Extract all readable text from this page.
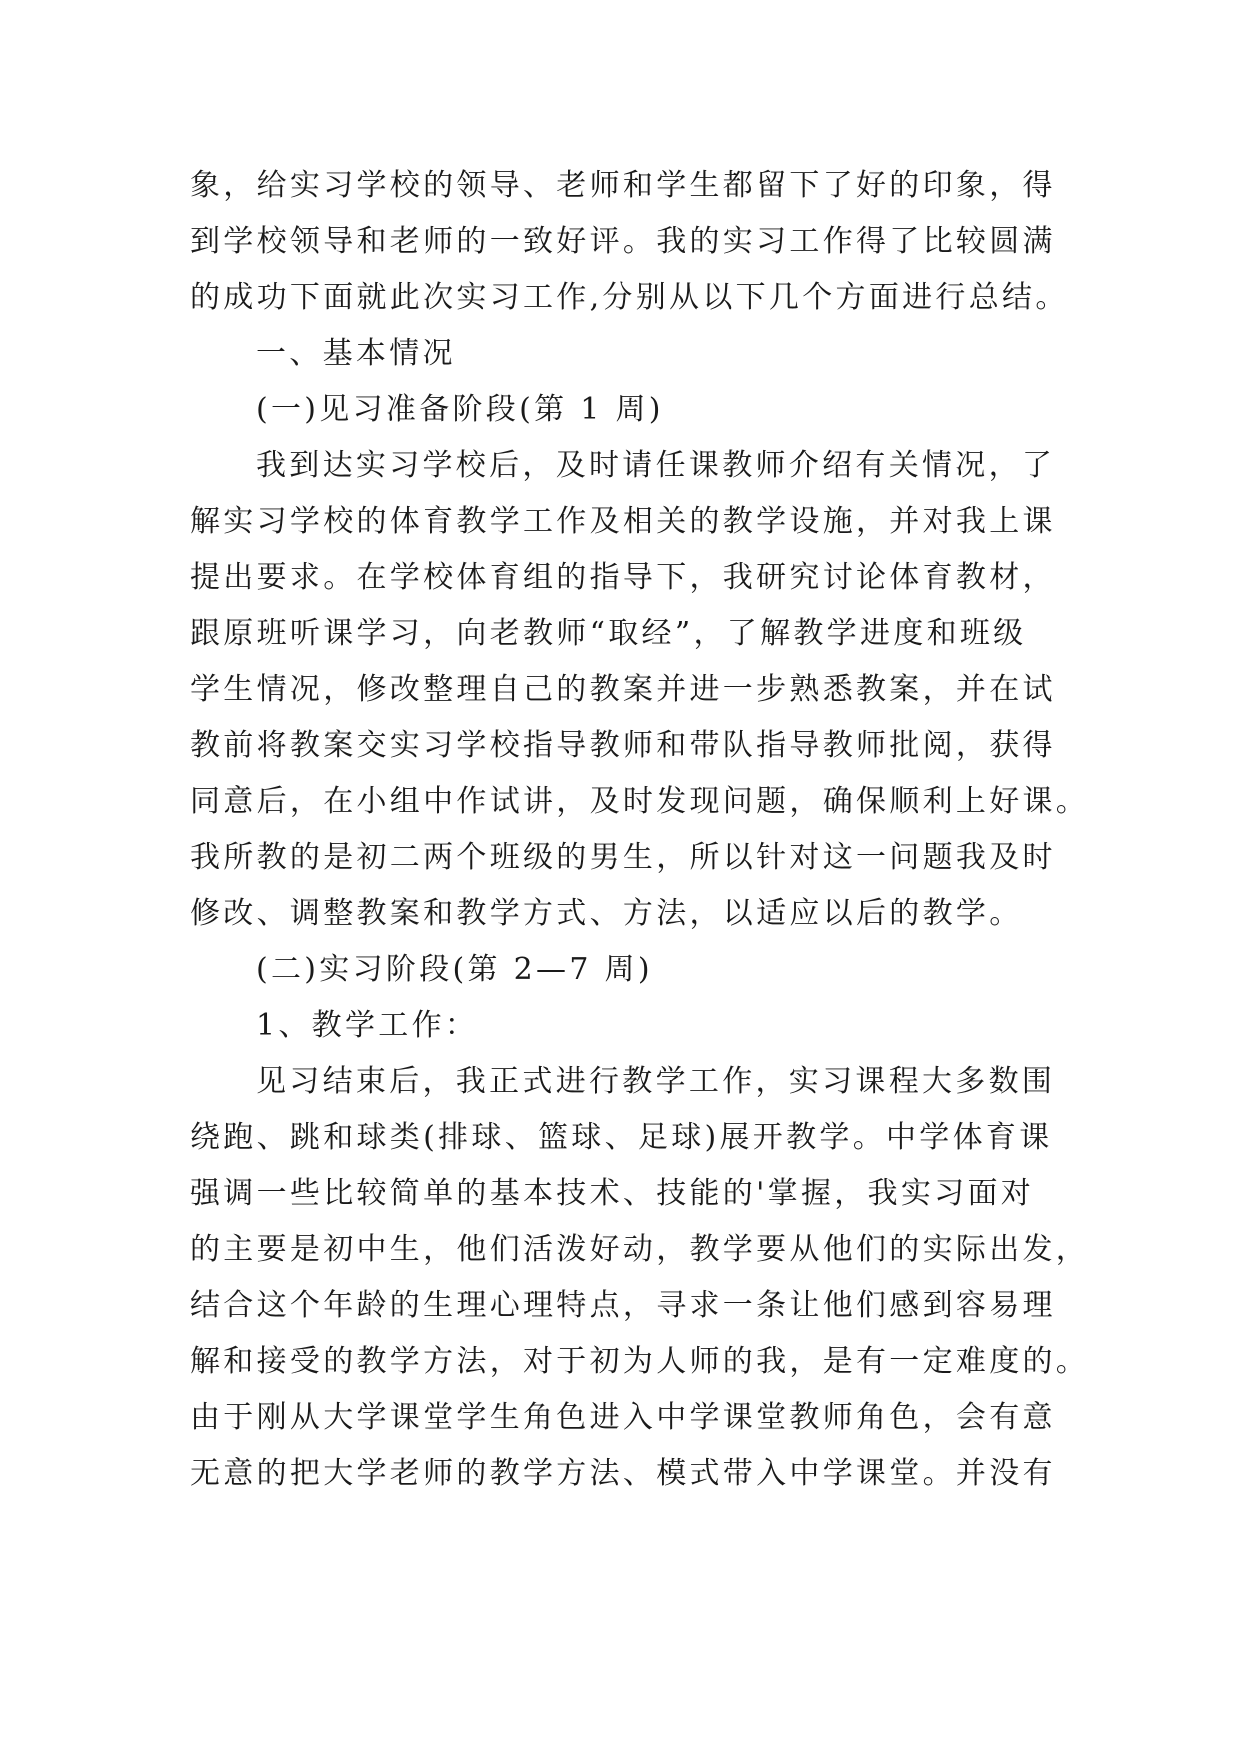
象，给实习学校的领导、老师和学生都留下了好的印象，得
到学校领导和老师的一致好评。我的实习工作得了比较圆满
的成功下面就此次实习工作,分别从以下几个方面进行总结。
一、基本情况
(一)见习准备阶段(第 1 周)
我到达实习学校后，及时请任课教师介绍有关情况，了
解实习学校的体育教学工作及相关的教学设施，并对我上课
提出要求。在学校体育组的指导下，我研究讨论体育教材，
跟原班听课学习，向老教师“取经”，了解教学进度和班级
学生情况，修改整理自己的教案并进一步熟悉教案，并在试
教前将教案交实习学校指导教师和带队指导教师批阅，获得
同意后，在小组中作试讲，及时发现问题，确保顺利上好课。
我所教的是初二两个班级的男生，所以针对这一问题我及时
修改、调整教案和教学方式、方法，以适应以后的教学。
(二)实习阶段(第 2—7 周)
1、教学工作：
见习结束后，我正式进行教学工作，实习课程大多数围
绕跑、跳和球类(排球、篮球、足球)展开教学。中学体育课
强调一些比较简单的基本技术、技能的'掌握，我实习面对
的主要是初中生，他们活泼好动，教学要从他们的实际出发，
结合这个年龄的生理心理特点，寻求一条让他们感到容易理
解和接受的教学方法，对于初为人师的我，是有一定难度的。
由于刚从大学课堂学生角色进入中学课堂教师角色，会有意
无意的把大学老师的教学方法、模式带入中学课堂。并没有
